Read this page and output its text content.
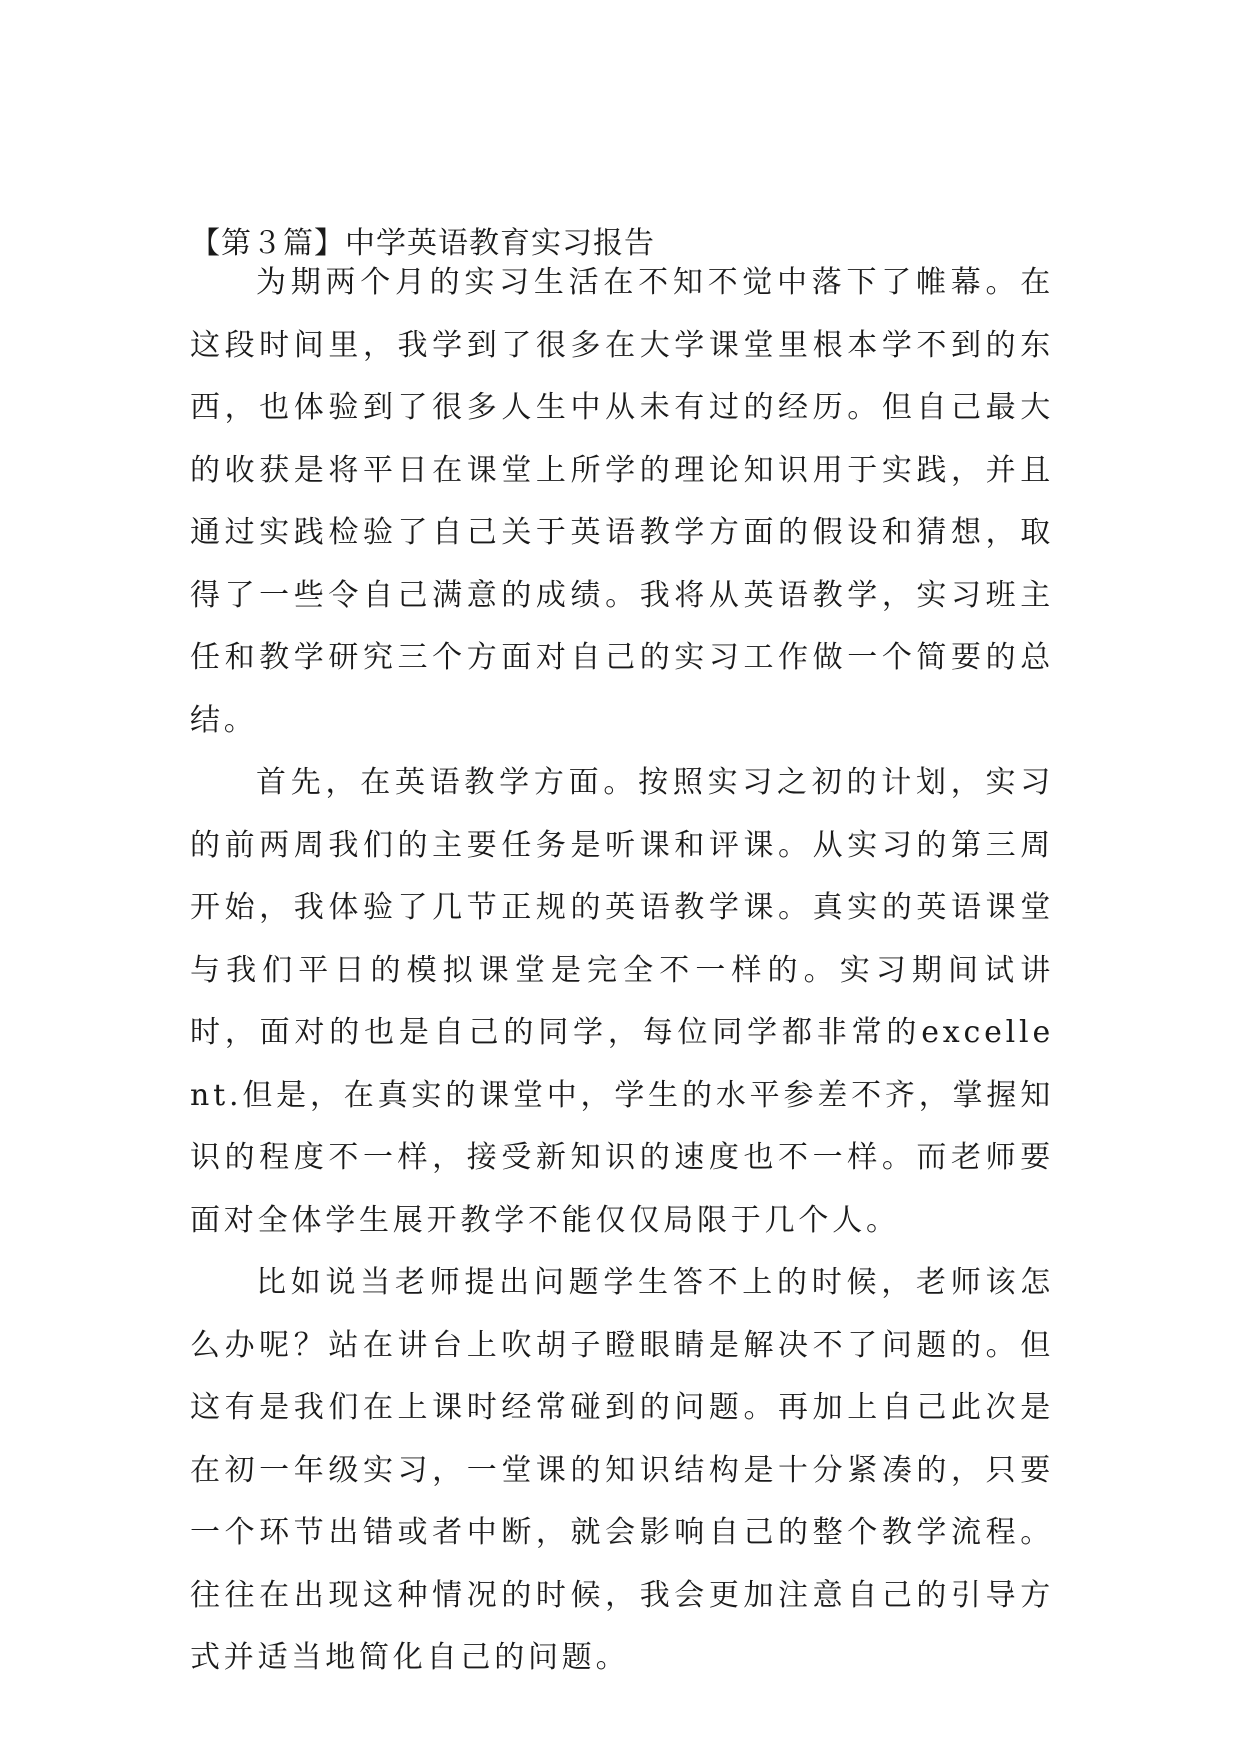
【第３篇】中学英语教育实习报告

为期两个月的实习生活在不知不觉中落下了帷幕。在这段时间里，我学到了很多在大学课堂里根本学不到的东西，也体验到了很多人生中从未有过的经历。但自己最大的收获是将平日在课堂上所学的理论知识用于实践，并且通过实践检验了自己关于英语教学方面的假设和猜想，取得了一些令自己满意的成绩。我将从英语教学，实习班主任和教学研究三个方面对自己的实习工作做一个简要的总结。

首先，在英语教学方面。按照实习之初的计划，实习的前两周我们的主要任务是听课和评课。从实习的第三周开始，我体验了几节正规的英语教学课。真实的英语课堂与我们平日的模拟课堂是完全不一样的。实习期间试讲时，面对的也是自己的同学，每位同学都非常的excellent.但是，在真实的课堂中，学生的水平参差不齐，掌握知识的程度不一样，接受新知识的速度也不一样。而老师要面对全体学生展开教学不能仅仅局限于几个人。

比如说当老师提出问题学生答不上的时候，老师该怎么办呢？站在讲台上吹胡子瞪眼睛是解决不了问题的。但这有是我们在上课时经常碰到的问题。再加上自己此次是在初一年级实习，一堂课的知识结构是十分紧凑的，只要一个环节出错或者中断，就会影响自己的整个教学流程。往往在出现这种情况的时候，我会更加注意自己的引导方式并适当地简化自己的问题。
